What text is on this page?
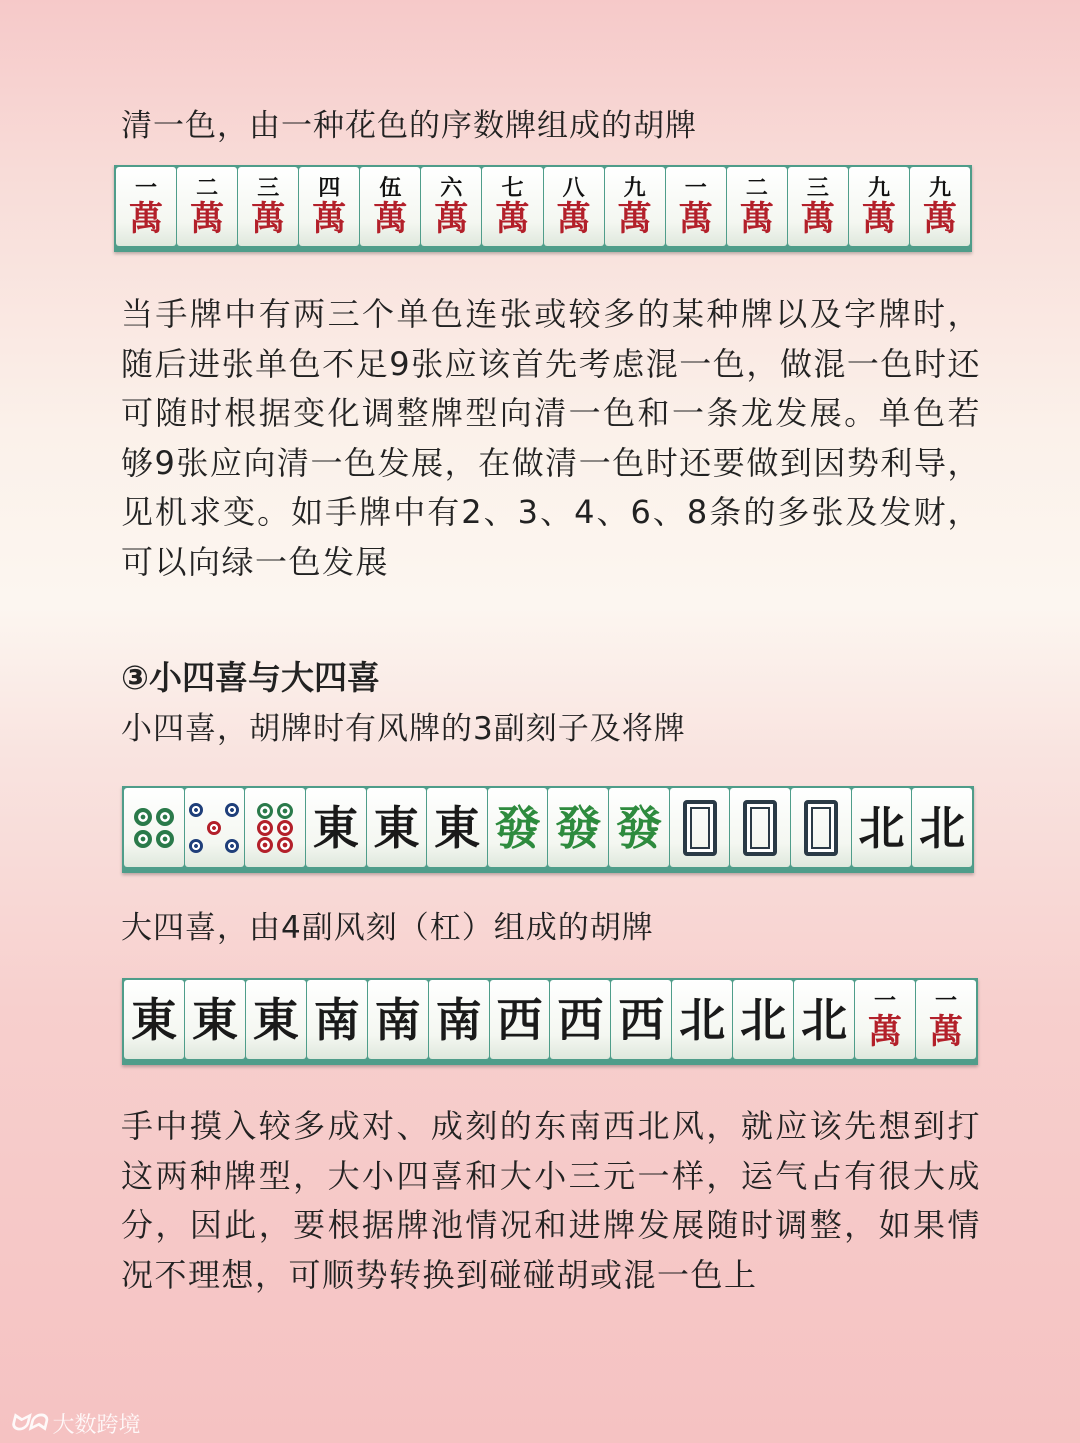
清一色，由一种花色的序数牌组成的胡牌
一
萬
二
萬
三
萬
四
萬
伍
萬
六
萬
七
萬
八
萬
九
萬
一
萬
二
萬
三
萬
九
萬
九
萬
当手牌中有两三个单色连张或较多的某种牌以及字牌时，随后进张单色不足9张应该首先考虑混一色，做混一色时还可随时根据变化调整牌型向清一色和一条龙发展。单色若够9张应向清一色发展，在做清一色时还要做到因势利导，见机求变。如手牌中有2、3、4、6、8条的多张及发财，可以向绿一色发展
③小四喜与大四喜
小四喜，胡牌时有风牌的3副刻子及将牌
東 東 東 發 發 發	北 北
大四喜，由4副风刻（杠）组成的胡牌
東 東 東 南 南 南 西 西 西 北 北 北 一
萬
一
萬
手中摸入较多成对、成刻的东南西北风，就应该先想到打这两种牌型，大小四喜和大小三元一样，运气占有很大成分，因此，要根据牌池情况和进牌发展随时调整，如果情况不理想，可顺势转换到碰碰胡或混一色上
ᗢᗣ 大数跨境
